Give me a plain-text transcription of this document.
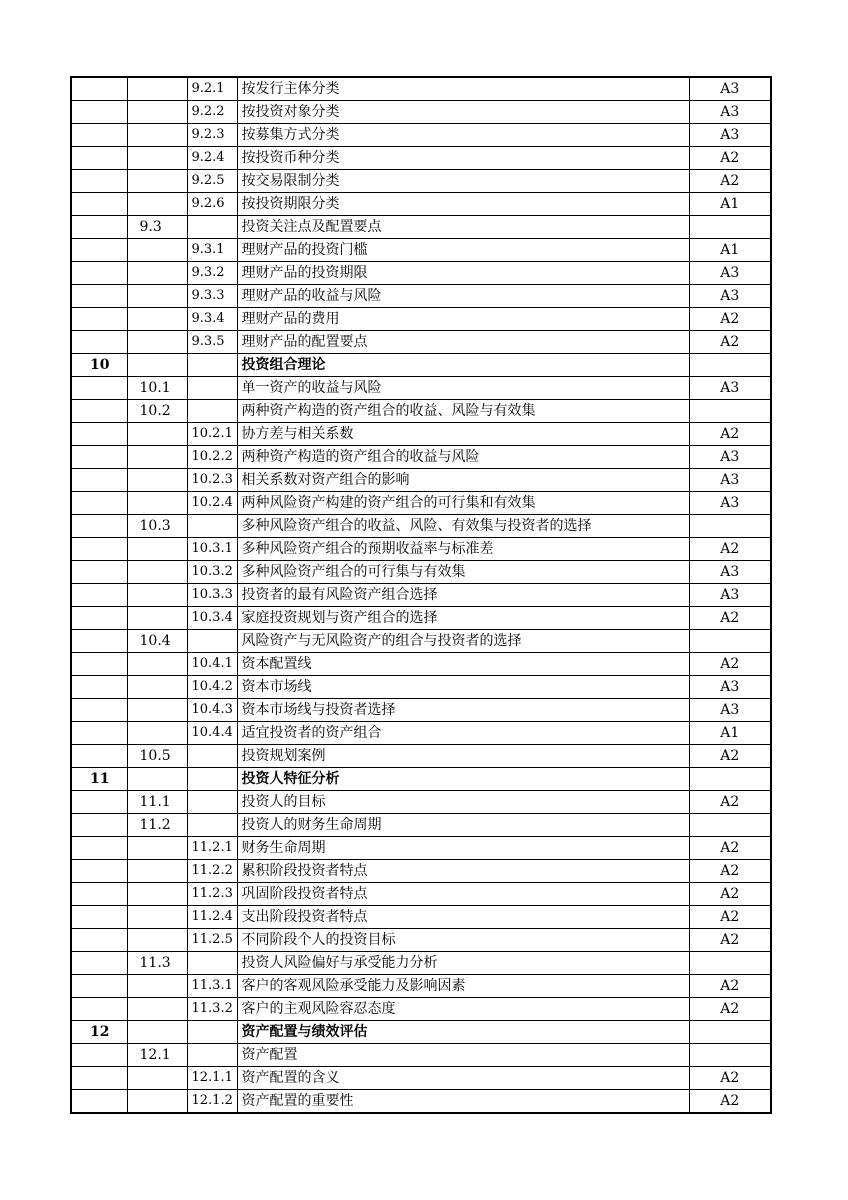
		9.2.1	按发行主体分类	A3
		9.2.2	按投资对象分类	A3
		9.2.3	按募集方式分类	A3
		9.2.4	按投资币种分类	A2
		9.2.5	按交易限制分类	A2
		9.2.6	按投资期限分类	A1
	9.3		投资关注点及配置要点	
		9.3.1	理财产品的投资门槛	A1
		9.3.2	理财产品的投资期限	A3
		9.3.3	理财产品的收益与风险	A3
		9.3.4	理财产品的费用	A2
		9.3.5	理财产品的配置要点	A2
10			投资组合理论	
	10.1		单一资产的收益与风险	A3
	10.2		两种资产构造的资产组合的收益、风险与有效集	
		10.2.1	协方差与相关系数	A2
		10.2.2	两种资产构造的资产组合的收益与风险	A3
		10.2.3	相关系数对资产组合的影响	A3
		10.2.4	两种风险资产构建的资产组合的可行集和有效集	A3
	10.3		多种风险资产组合的收益、风险、有效集与投资者的选择	
		10.3.1	多种风险资产组合的预期收益率与标准差	A2
		10.3.2	多种风险资产组合的可行集与有效集	A3
		10.3.3	投资者的最有风险资产组合选择	A3
		10.3.4	家庭投资规划与资产组合的选择	A2
	10.4		风险资产与无风险资产的组合与投资者的选择	
		10.4.1	资本配置线	A2
		10.4.2	资本市场线	A3
		10.4.3	资本市场线与投资者选择	A3
		10.4.4	适宜投资者的资产组合	A1
	10.5		投资规划案例	A2
11			投资人特征分析	
	11.1		投资人的目标	A2
	11.2		投资人的财务生命周期	
		11.2.1	财务生命周期	A2
		11.2.2	累积阶段投资者特点	A2
		11.2.3	巩固阶段投资者特点	A2
		11.2.4	支出阶段投资者特点	A2
		11.2.5	不同阶段个人的投资目标	A2
	11.3		投资人风险偏好与承受能力分析	
		11.3.1	客户的客观风险承受能力及影响因素	A2
		11.3.2	客户的主观风险容忍态度	A2
12			资产配置与绩效评估	
	12.1		资产配置	
		12.1.1	资产配置的含义	A2
		12.1.2	资产配置的重要性	A2
